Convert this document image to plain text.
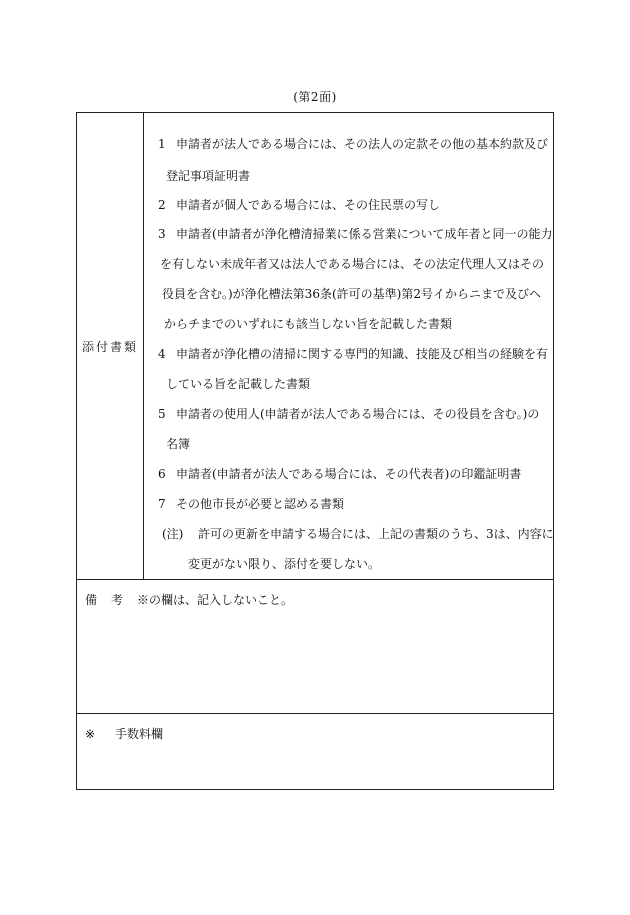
(第2面)
添付書類
1 申請者が法人である場合には、その法人の定款その他の基本約款及び
登記事項証明書
2 申請者が個人である場合には、その住民票の写し
3 申請者(申請者が浄化槽清掃業に係る営業について成年者と同一の能力
を有しない未成年者又は法人である場合には、その法定代理人又はその
役員を含む。)が浄化槽法第36条(許可の基準)第2号イからニまで及びヘ
からチまでのいずれにも該当しない旨を記載した書類
4 申請者が浄化槽の清掃に関する専門的知識、技能及び相当の経験を有
している旨を記載した書類
5 申請者の使用人(申請者が法人である場合には、その役員を含む。)の
名簿
6 申請者(申請者が法人である場合には、その代表者)の印鑑証明書
7 その他市長が必要と認める書類
(注) 許可の更新を申請する場合には、上記の書類のうち、3は、内容に
変更がない限り、添付を要しない。
備考※の欄は、記入しないこと。
※ 手数料欄
